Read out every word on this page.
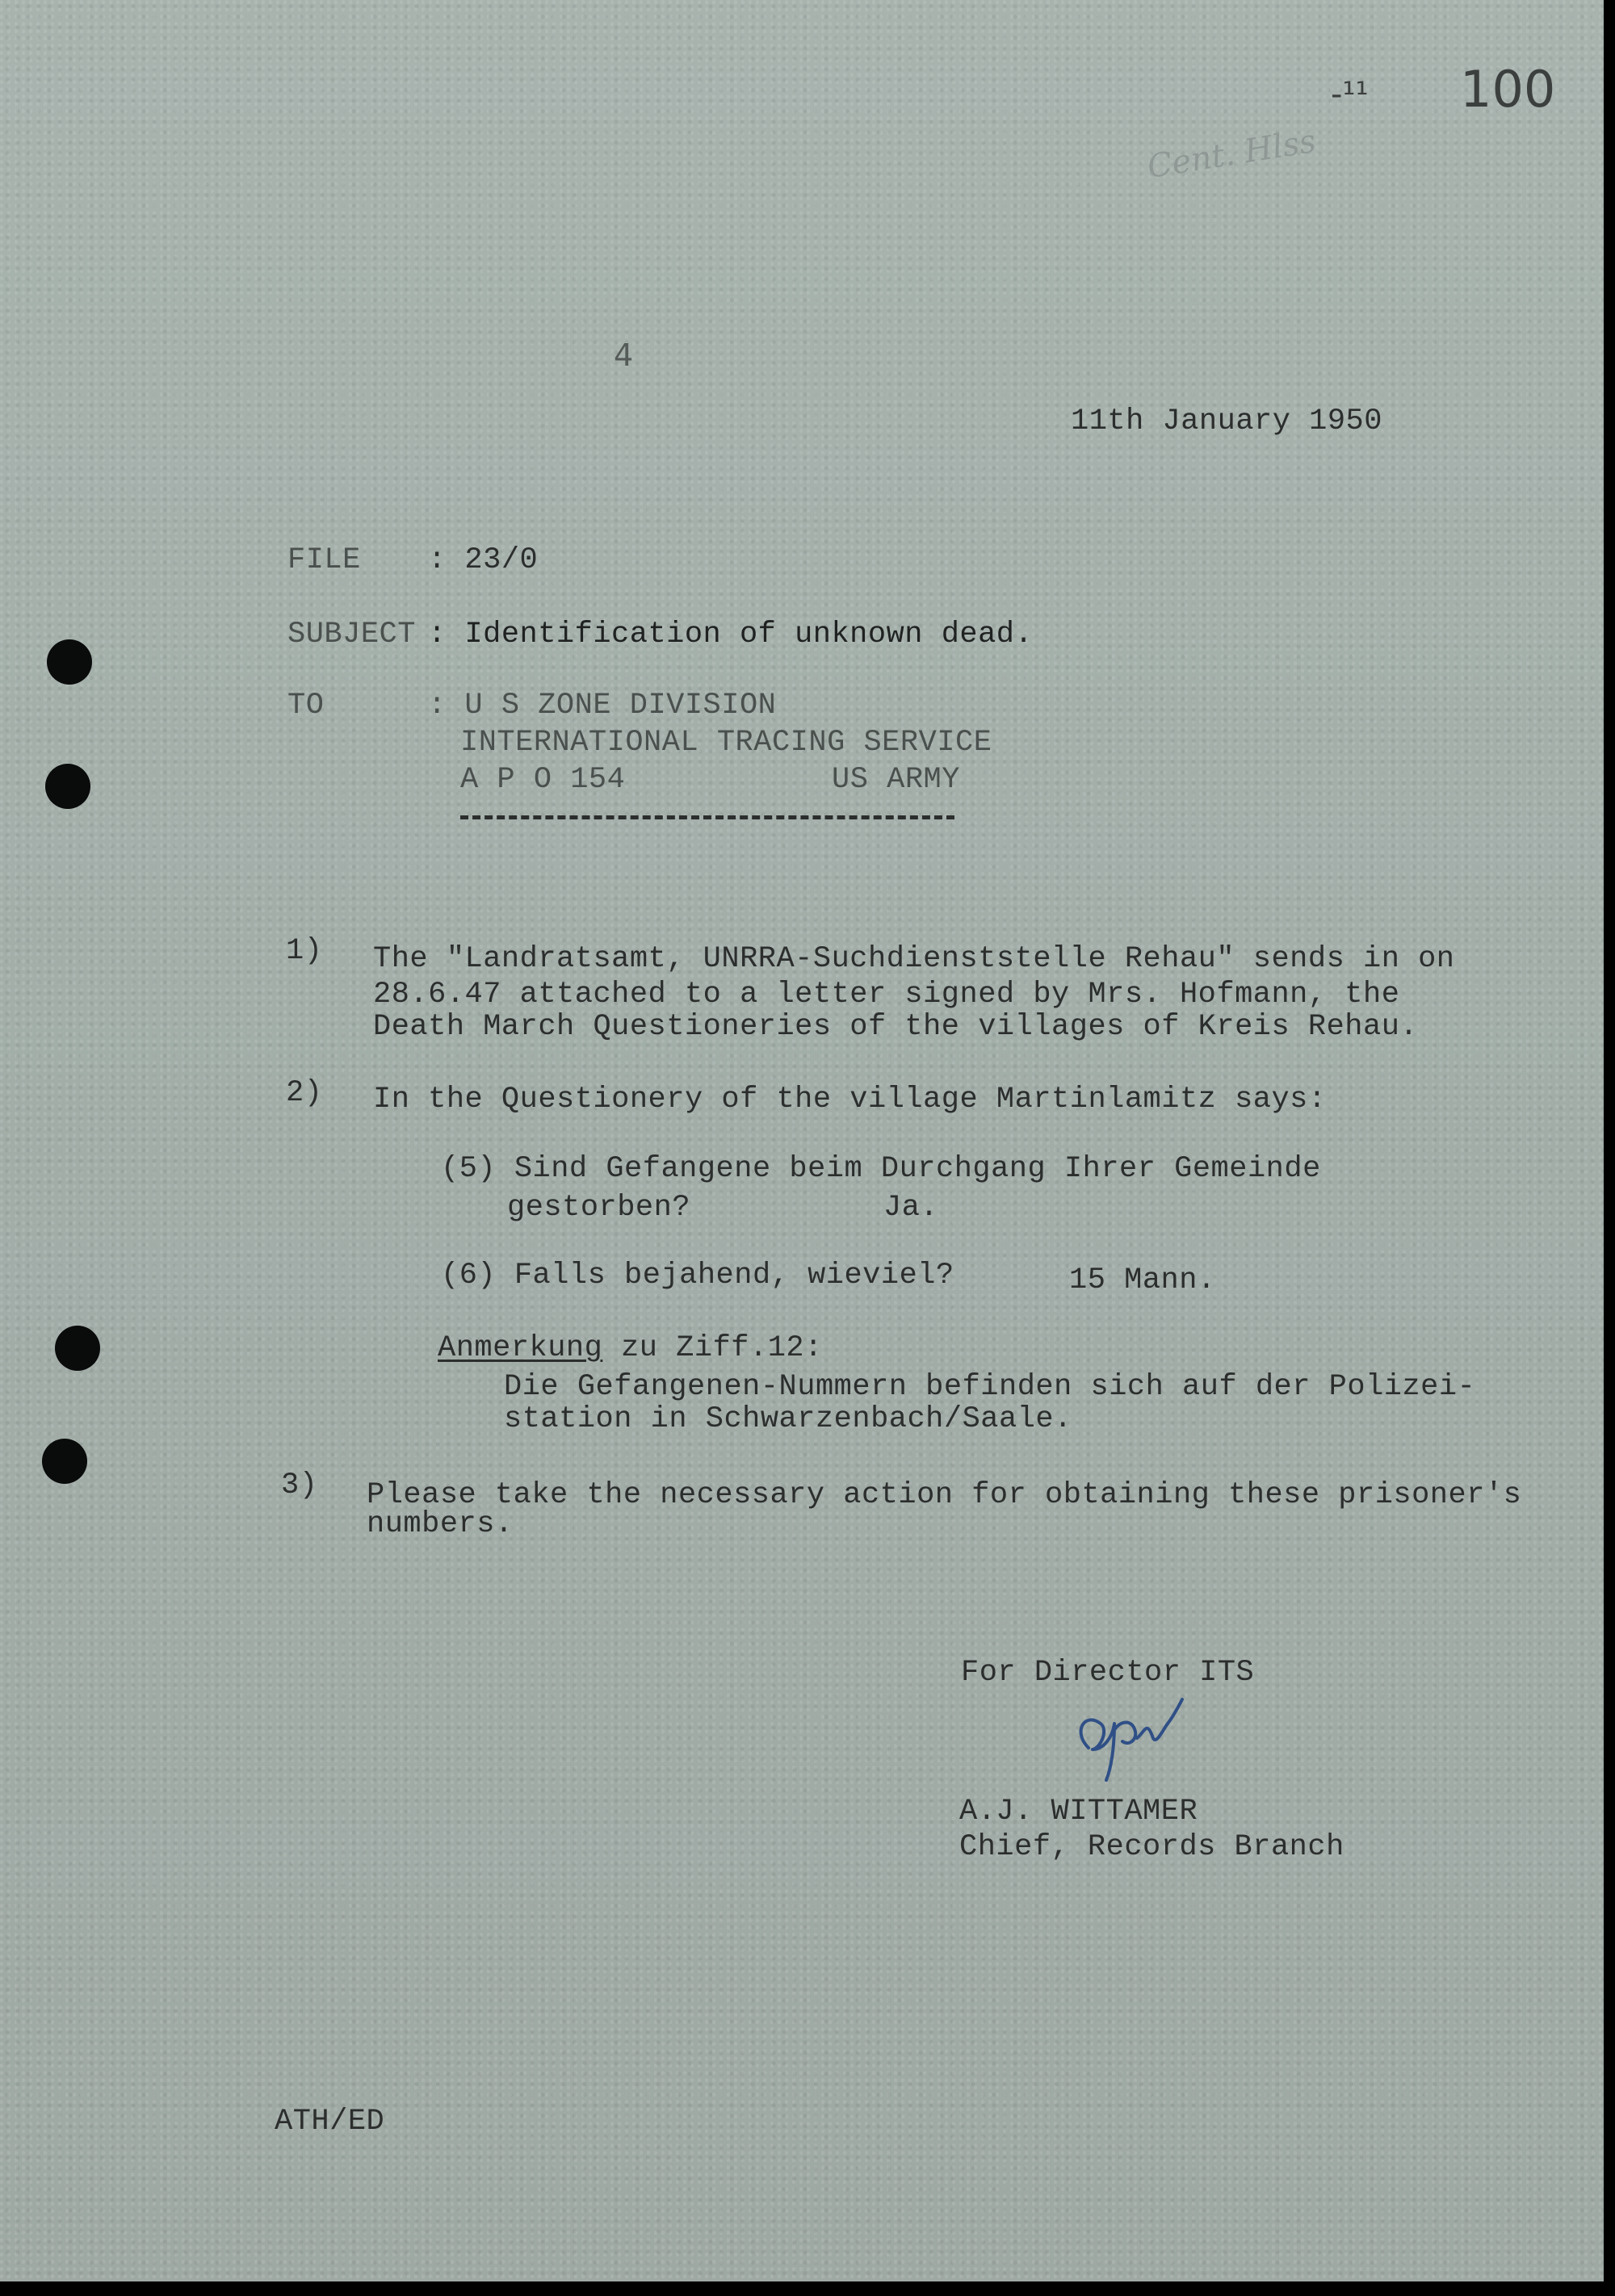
-¹¹ 100
Cent. Hlss
4
11th January 1950
FILE : 23/0
SUBJECT : Identification of unknown dead.
TO	: U S ZONE DIVISION
INTERNATIONAL TRACING SERVICE
A P O 154	US ARMY
1) The "Landratsamt, UNRRA-Suchdienststelle Rehau" sends in on
28.6.47 attached to a letter signed by Mrs. Hofmann, the
Death March Questioneries of the villages of Kreis Rehau.
2) In the Questionery of the village Martinlamitz says:
(5) Sind Gefangene beim Durchgang Ihrer Gemeinde
gestorben?	Ja.
(6) Falls bejahend, wieviel?	15 Mann.
Anmerkung zu Ziff.12:
Die Gefangenen-Nummern befinden sich auf der Polizei-
station in Schwarzenbach/Saale.
3) Please take the necessary action for obtaining these prisoner's
numbers.
For Director ITS
A.J. WITTAMER
Chief, Records Branch
ATH/ED
